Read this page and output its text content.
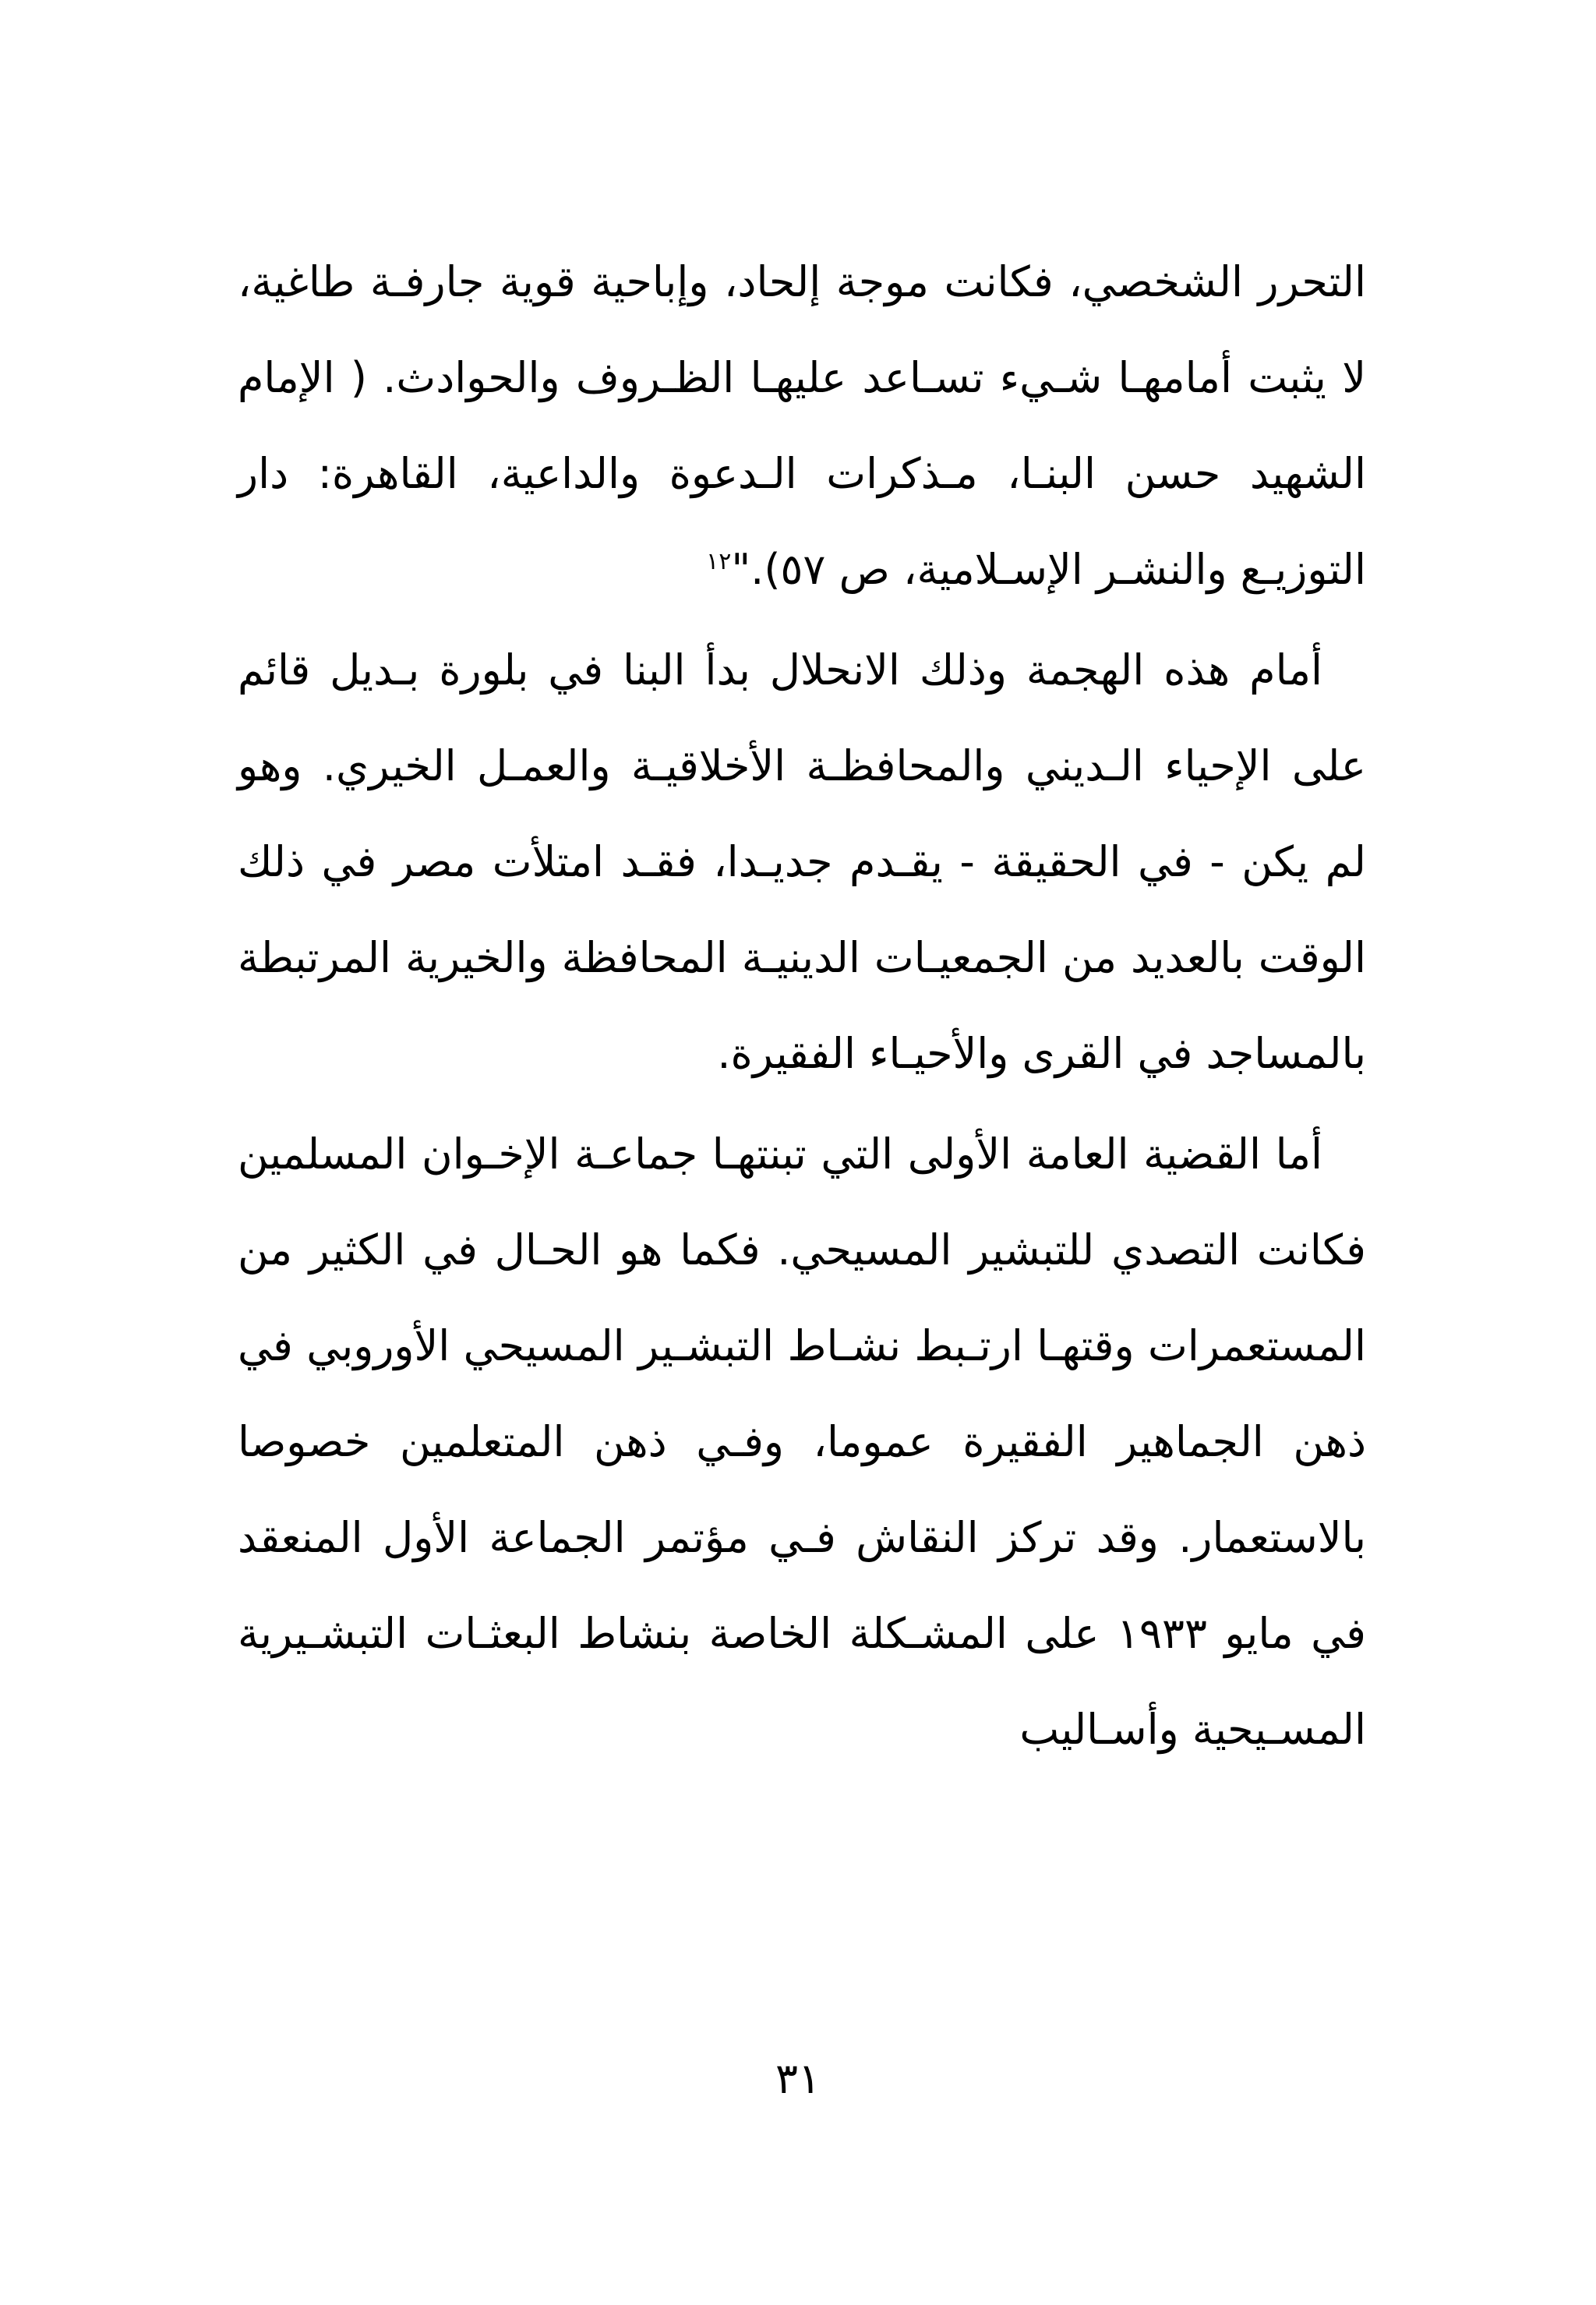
التحرر الشخصي، فكانت موجة إلحاد، وإباحية قوية جارفـة طاغية، لا يثبت أمامهـا شـيء تسـاعد عليهـا الظـروف والحوادث. ( الإمام الشهيد حسن البنـا، مـذكرات الـدعوة والداعية، القاهرة: دار التوزيـع والنشـر الإسـلامية، ص ٥٧)."$^{١٢}$

أمام هذه الهجمة وذلك الانحلال بدأ البنا في بلورة بـديل قائم على الإحياء الـديني والمحافظـة الأخلاقيـة والعمـل الخيري. وهو لم يكن - في الحقيقة - يقـدم جديـدا، فقـد امتلأت مصر في ذلك الوقت بالعديد من الجمعيـات الدينيـة المحافظة والخيرية المرتبطة بالمساجد في القرى والأحيـاء الفقيرة.

أما القضية العامة الأولى التي تبنتهـا جماعـة الإخـوان المسلمين فكانت التصدي للتبشير المسيحي. فكما هو الحـال في الكثير من المستعمرات وقتهـا ارتـبط نشـاط التبشـير المسيحي الأوروبي في ذهن الجماهير الفقيرة عموما، وفـي ذهن المتعلمين خصوصا بالاستعمار. وقد تركز النقاش فـي مؤتمر الجماعة الأول المنعقد في مايو ١٩٣٣ على المشـكلة الخاصة بنشاط البعثـات التبشـيرية المسـيحية وأسـاليب

٣١
